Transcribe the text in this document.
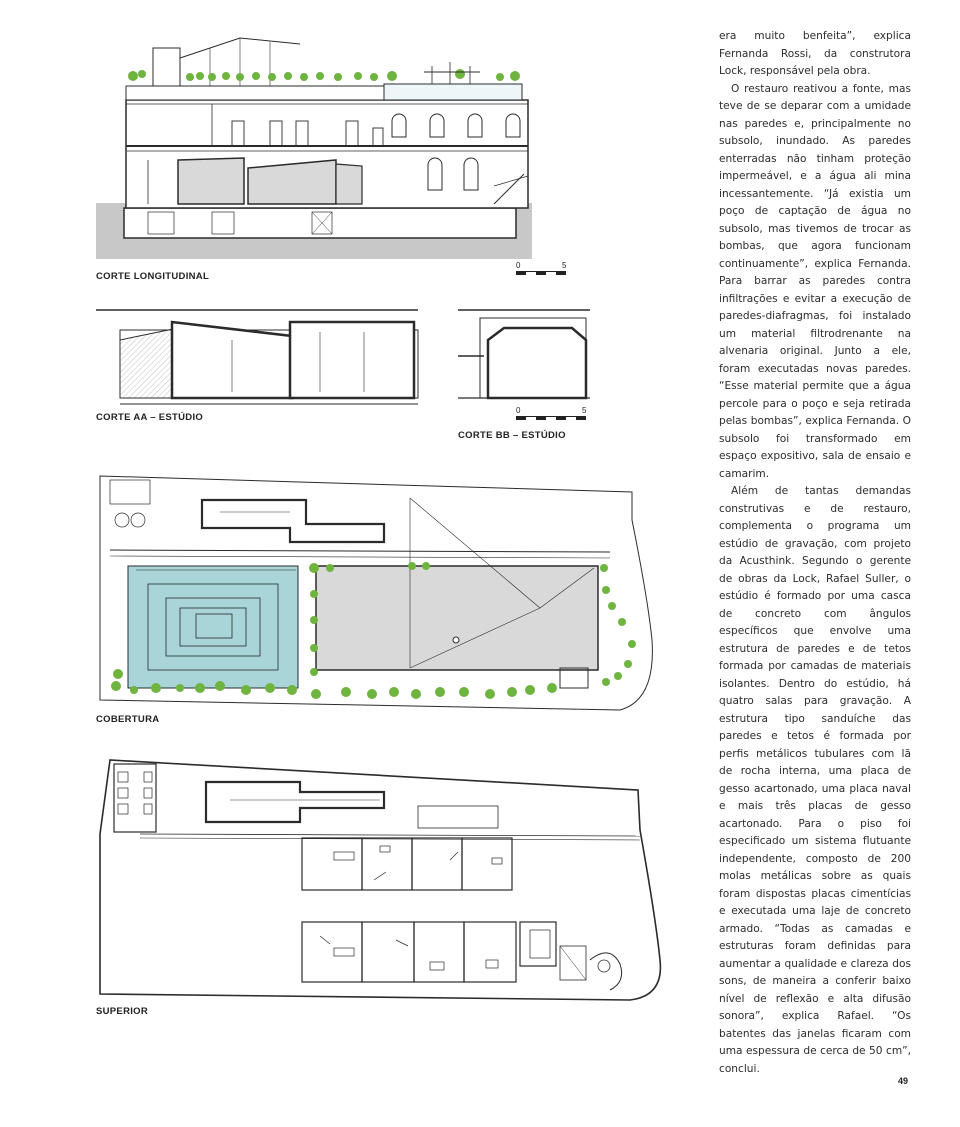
CORTE LONGITUDINAL
CORTE AA – ESTÚDIO
CORTE BB – ESTÚDIO
COBERTURA
SUPERIOR
0	5
0	5

era muito benfeita”, explica Fernanda Rossi, da construtora Lock, responsável pela obra.

O restauro reativou a fonte, mas teve de se deparar com a umidade nas paredes e, principalmente no subsolo, inundado. As paredes enterradas não tinham proteção impermeável, e a água ali mina incessantemente. “Já existia um poço de captação de água no subsolo, mas tivemos de trocar as bombas, que agora funcionam continuamente”, explica Fernanda. Para barrar as paredes contra infiltrações e evitar a execução de paredes-diafragmas, foi instalado um material filtrodrenante na alvenaria original. Junto a ele, foram executadas novas paredes. “Esse material permite que a água percole para o poço e seja retirada pelas bombas”, explica Fernanda. O subsolo foi transformado em espaço expositivo, sala de ensaio e camarim.

Além de tantas demandas construtivas e de restauro, complementa o programa um estúdio de gravação, com projeto da Acusthink. Segundo o gerente de obras da Lock, Rafael Suller, o estúdio é formado por uma casca de concreto com ângulos específicos que envolve uma estrutura de paredes e de tetos formada por camadas de materiais isolantes. Dentro do estúdio, há quatro salas para gravação. A estrutura tipo sanduíche das paredes e tetos é formada por perfis metálicos tubulares com lã de rocha interna, uma placa de gesso acartonado, uma placa naval e mais três placas de gesso acartonado. Para o piso foi especificado um sistema flutuante independente, composto de 200 molas metálicas sobre as quais foram dispostas placas cimentícias e executada uma laje de concreto armado. “Todas as camadas e estruturas foram definidas para aumentar a qualidade e clareza dos sons, de maneira a conferir baixo nível de reflexão e alta difusão sonora”, explica Rafael. “Os batentes das janelas ficaram com uma espessura de cerca de 50 cm”, conclui.

49
